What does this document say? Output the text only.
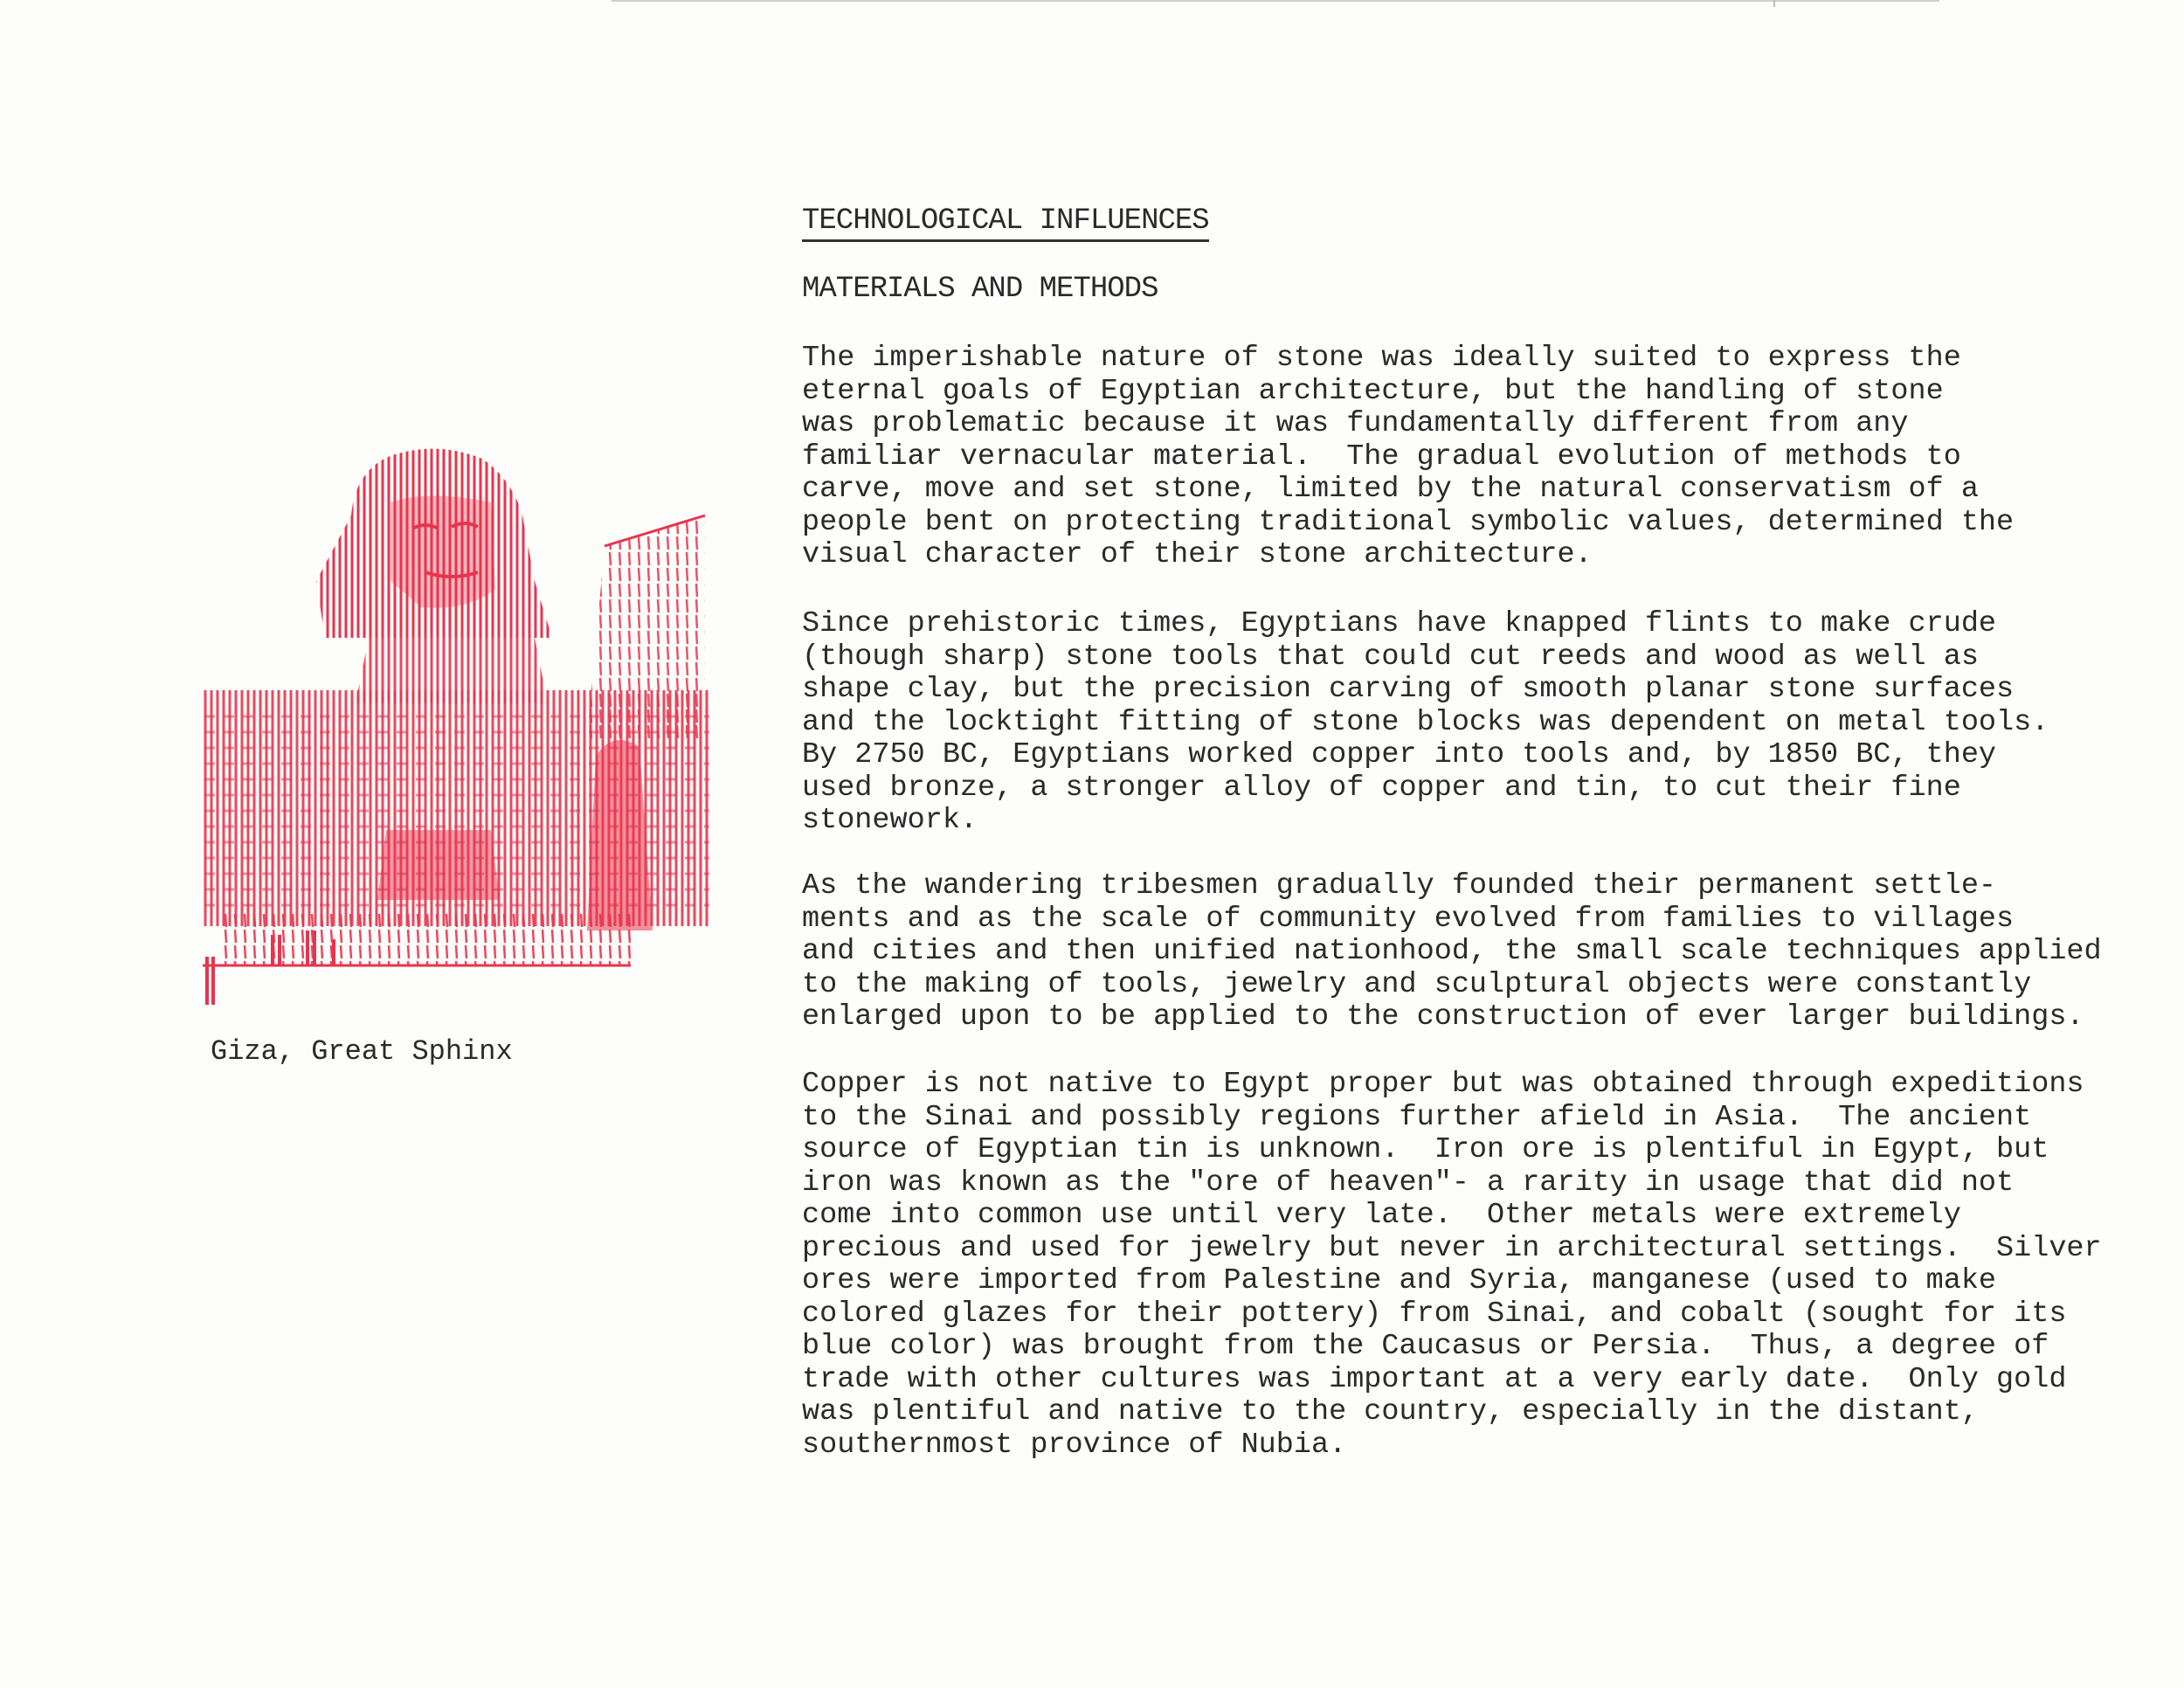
Giza, Great Sphinx
TECHNOLOGICAL INFLUENCES
MATERIALS AND METHODS
The imperishable nature of stone was ideally suited to express the
eternal goals of Egyptian architecture, but the handling of stone
was problematic because it was fundamentally different from any
familiar vernacular material.  The gradual evolution of methods to
carve, move and set stone, limited by the natural conservatism of a
people bent on protecting traditional symbolic values, determined the
visual character of their stone architecture.
Since prehistoric times, Egyptians have knapped flints to make crude
(though sharp) stone tools that could cut reeds and wood as well as
shape clay, but the precision carving of smooth planar stone surfaces
and the locktight fitting of stone blocks was dependent on metal tools.
By 2750 BC, Egyptians worked copper into tools and, by 1850 BC, they
used bronze, a stronger alloy of copper and tin, to cut their fine
stonework.
As the wandering tribesmen gradually founded their permanent settle-
ments and as the scale of community evolved from families to villages
and cities and then unified nationhood, the small scale techniques applied
to the making of tools, jewelry and sculptural objects were constantly
enlarged upon to be applied to the construction of ever larger buildings.
Copper is not native to Egypt proper but was obtained through expeditions
to the Sinai and possibly regions further afield in Asia.  The ancient
source of Egyptian tin is unknown.  Iron ore is plentiful in Egypt, but
iron was known as the "ore of heaven"- a rarity in usage that did not
come into common use until very late.  Other metals were extremely
precious and used for jewelry but never in architectural settings.  Silver
ores were imported from Palestine and Syria, manganese (used to make
colored glazes for their pottery) from Sinai, and cobalt (sought for its
blue color) was brought from the Caucasus or Persia.  Thus, a degree of
trade with other cultures was important at a very early date.  Only gold
was plentiful and native to the country, especially in the distant,
southernmost province of Nubia.
